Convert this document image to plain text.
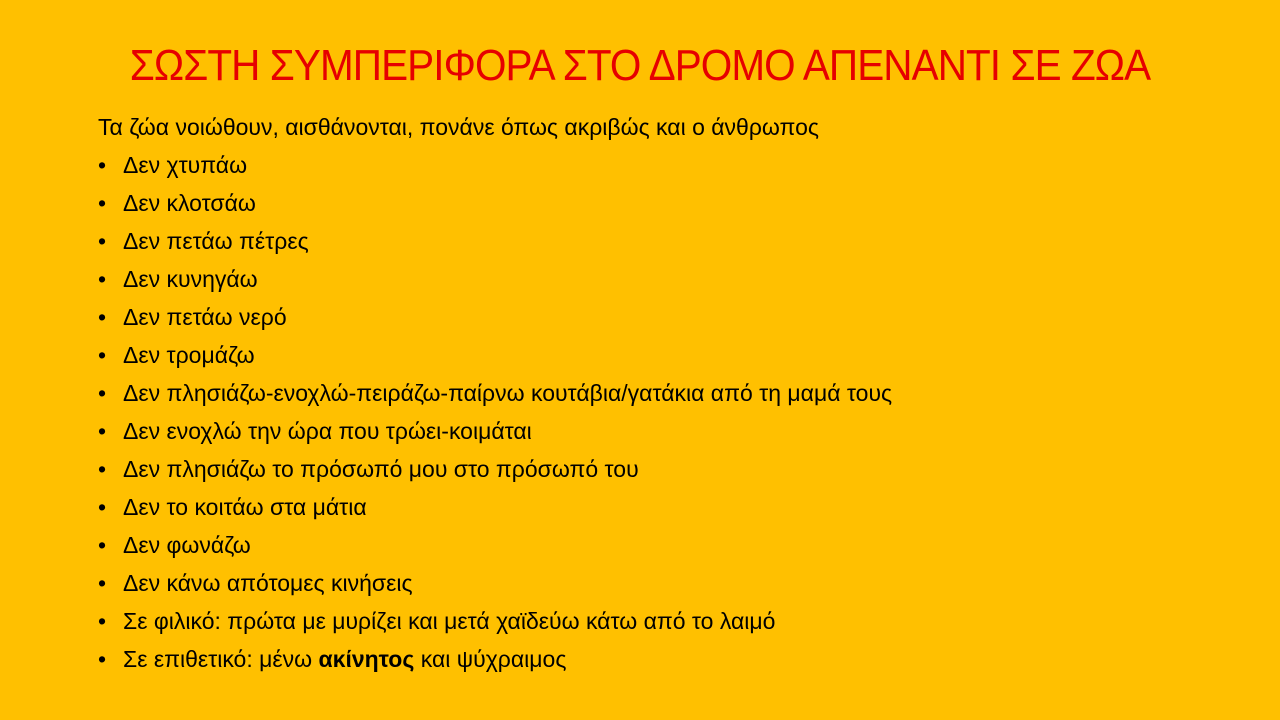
ΣΩΣΤΗ ΣΥΜΠΕΡΙΦΟΡΑ ΣΤΟ ΔΡΟΜΟ ΑΠΕΝΑΝΤΙ ΣΕ ΖΩΑ
Τα ζώα νοιώθουν, αισθάνονται, πονάνε όπως ακριβώς και ο άνθρωπος
• Δεν χτυπάω
• Δεν κλοτσάω
• Δεν πετάω πέτρες
• Δεν κυνηγάω
• Δεν πετάω νερό
• Δεν τρομάζω
• Δεν πλησιάζω-ενοχλώ-πειράζω-παίρνω κουτάβια/γατάκια από τη μαμά τους
• Δεν ενοχλώ την ώρα που τρώει-κοιμάται
• Δεν πλησιάζω το πρόσωπό μου στο πρόσωπό του
• Δεν το κοιτάω στα μάτια
• Δεν φωνάζω
• Δεν κάνω απότομες κινήσεις
• Σε φιλικό: πρώτα με μυρίζει και μετά χαϊδεύω κάτω από το λαιμό
• Σε επιθετικό: μένω ακίνητος και ψύχραιμος
